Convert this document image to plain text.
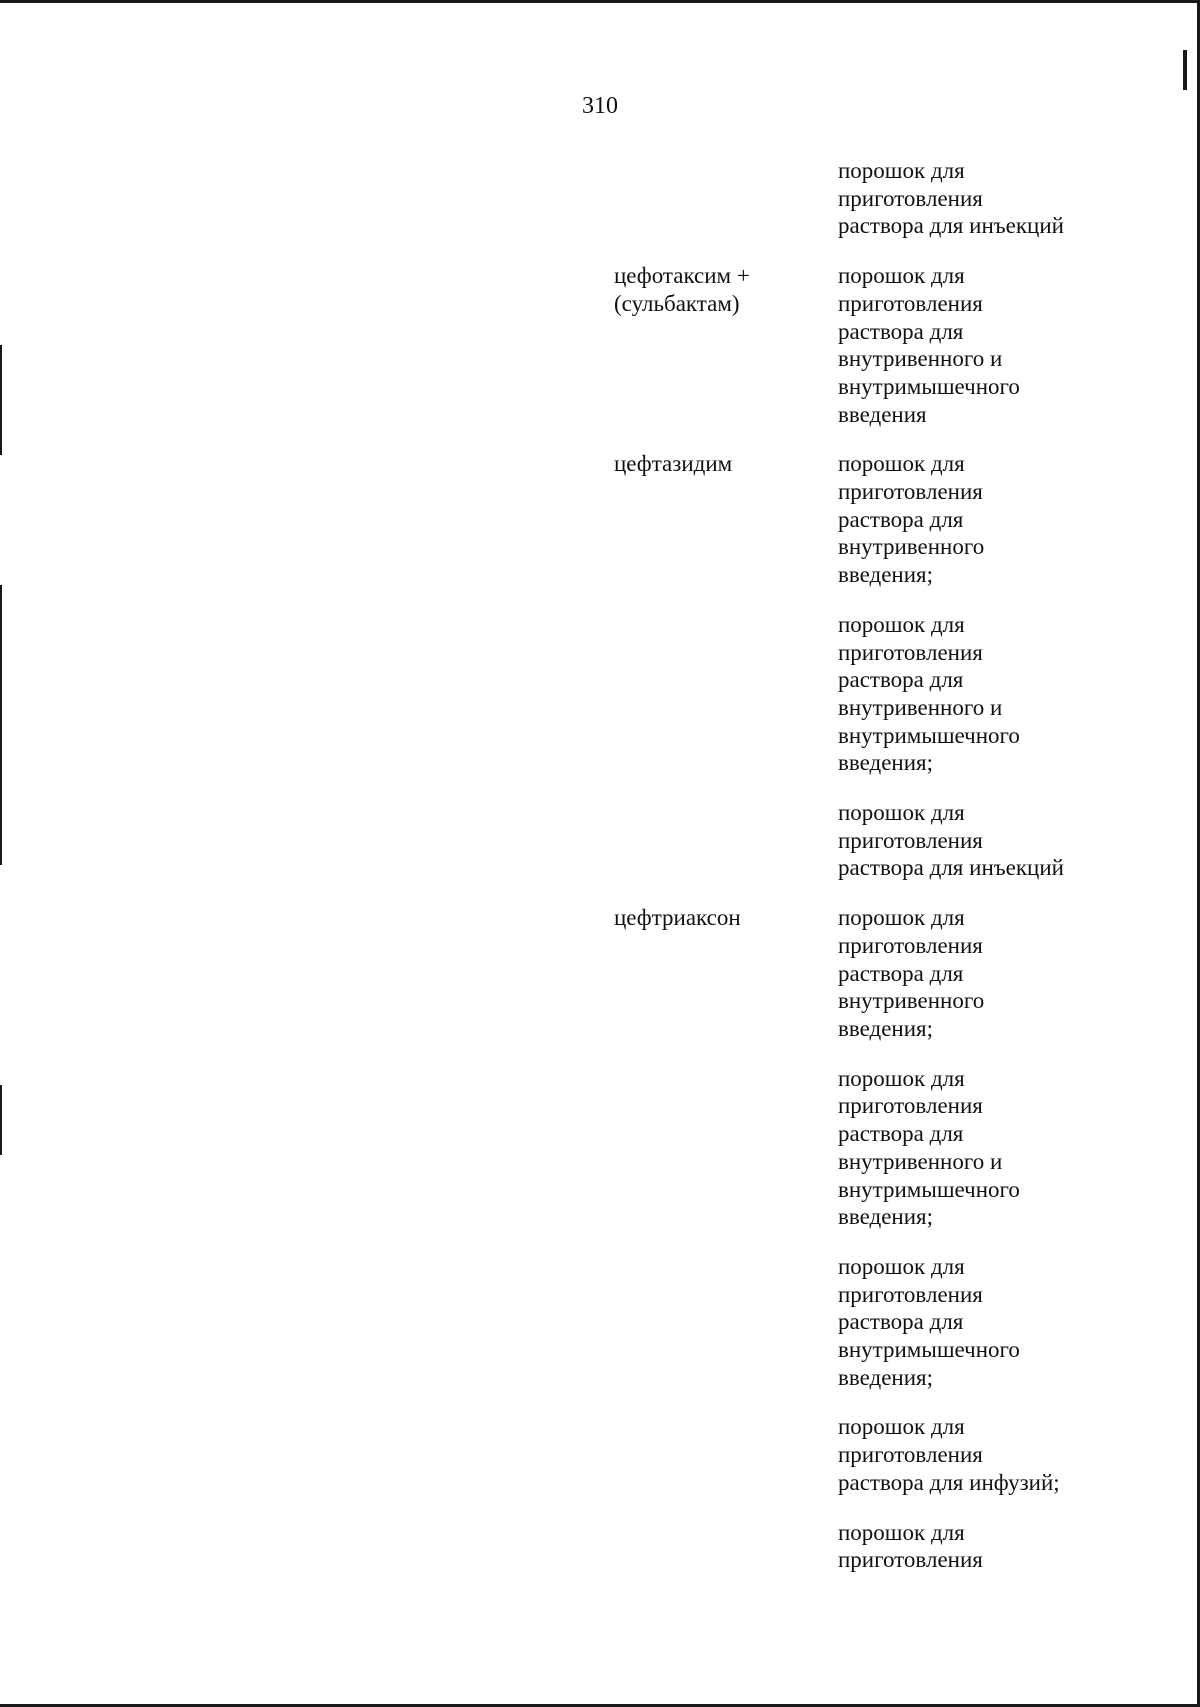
310
порошок для
приготовления
раствора для инъекций
цефотаксим +
(сульбактам)
порошок для
приготовления
раствора для
внутривенного и
внутримышечного
введения
цефтазидим	порошок для
приготовления
раствора для
внутривенного
введения;
порошок для
приготовления
раствора для
внутривенного и
внутримышечного
введения;
порошок для
приготовления
раствора для инъекций
цефтриаксон	порошок для
приготовления
раствора для
внутривенного
введения;
порошок для
приготовления
раствора для
внутривенного и
внутримышечного
введения;
порошок для
приготовления
раствора для
внутримышечного
введения;
порошок для
приготовления
раствора для инфузий;
порошок для
приготовления
